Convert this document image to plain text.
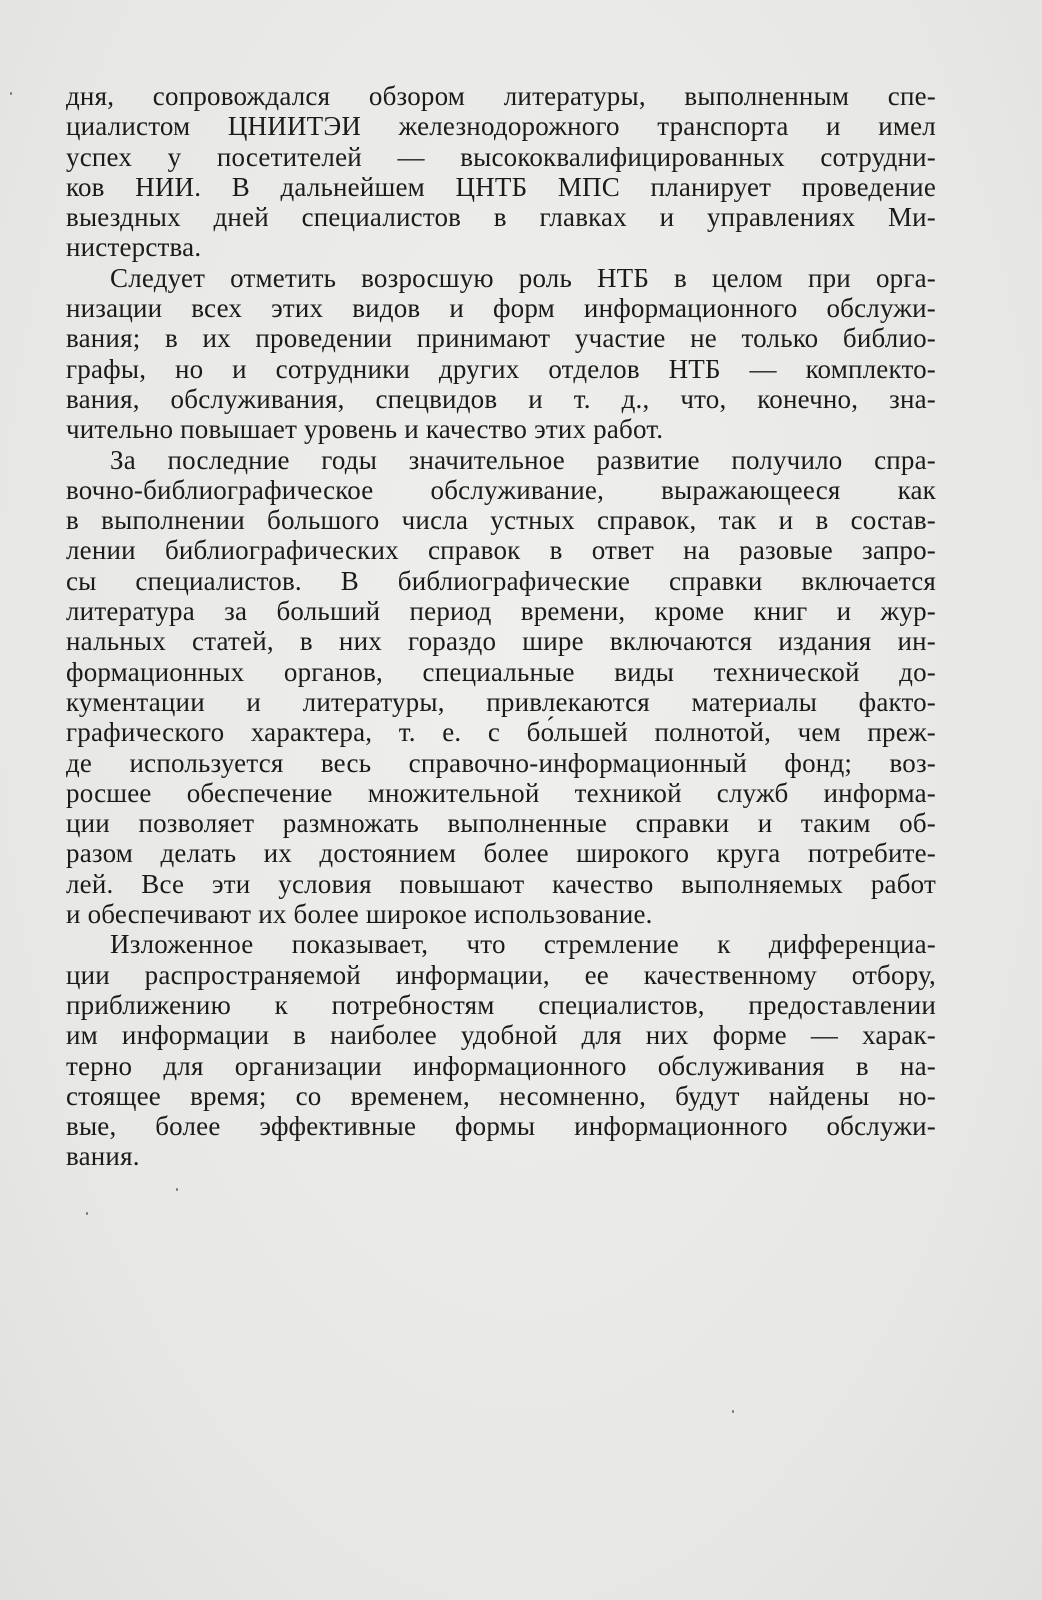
дня, сопровождался обзором литературы, выполненным спе-
циалистом ЦНИИТЭИ железнодорожного транспорта и имел
успех у посетителей — высококвалифицированных сотрудни-
ков НИИ. В дальнейшем ЦНТБ МПС планирует проведение
выездных дней специалистов в главках и управлениях Ми-
нистерства.

Следует отметить возросшую роль НТБ в целом при орга-
низации всех этих видов и форм информационного обслужи-
вания; в их проведении принимают участие не только библио-
графы, но и сотрудники других отделов НТБ — комплекто-
вания, обслуживания, спецвидов и т. д., что, конечно, зна-
чительно повышает уровень и качество этих работ.

За последние годы значительное развитие получило спра-
вочно-библиографическое обслуживание, выражающееся как
в выполнении большого числа устных справок, так и в состав-
лении библиографических справок в ответ на разовые запро-
сы специалистов. В библиографические справки включается
литература за больший период времени, кроме книг и жур-
нальных статей, в них гораздо шире включаются издания ин-
формационных органов, специальные виды технической до-
кументации и литературы, привлекаются материалы факто-
графического характера, т. е. с бо́льшей полнотой, чем преж-
де используется весь справочно-информационный фонд; воз-
росшее обеспечение множительной техникой служб информа-
ции позволяет размножать выполненные справки и таким об-
разом делать их достоянием более широкого круга потребите-
лей. Все эти условия повышают качество выполняемых работ
и обеспечивают их более широкое использование.

Изложенное показывает, что стремление к дифференциа-
ции распространяемой информации, ее качественному отбору,
приближению к потребностям специалистов, предоставлении
им информации в наиболее удобной для них форме — харак-
терно для организации информационного обслуживания в на-
стоящее время; со временем, несомненно, будут найдены но-
вые, более эффективные формы информационного обслужи-
вания.
